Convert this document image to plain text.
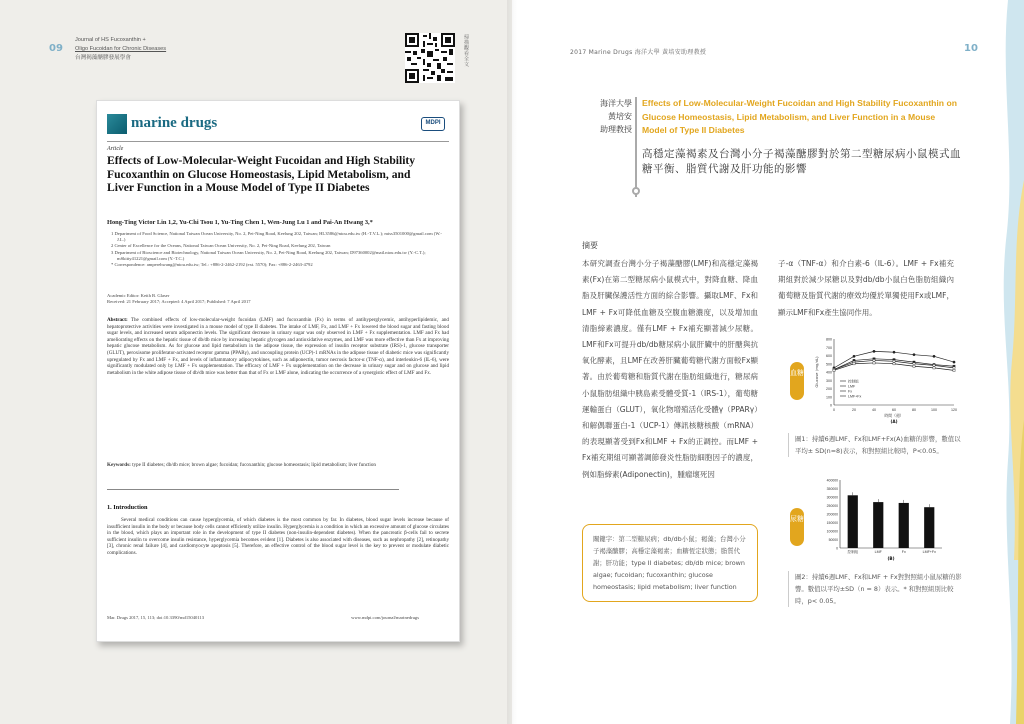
09
Journal of HS Fucoxanthin +
Oligo Fucoidan for Chronic Diseases
台灣褐藻醣膠發展學會	掃描觀看全文
marine drugs	MDPI
Article
Effects of Low-Molecular-Weight Fucoidan and High Stability Fucoxanthin on Glucose Homeostasis, Lipid Metabolism, and Liver Function in a Mouse Model of Type II Diabetes
Hong-Ting Victor Lin 1,2, Yu-Chi Tsou 1, Yu-Ting Chen 1, Wen-Jung Lu 1 and Pai-An Hwang 3,*
1 Department of Food Science, National Taiwan Ocean University, No. 2, Pei-Ning Road, Keelung 202, Taiwan; HL3586@ntou.edu.tw (H.-T.V.L.); miss3501000@gmail.com (W.-J.L.)
2 Center of Excellence for the Oceans, National Taiwan Ocean University, No. 2, Pei-Ning Road, Keelung 202, Taiwan
3 Department of Bioscience and Biotechnology, National Taiwan Ocean University, No. 2, Pei-Ning Road, Keelung 202, Taiwan; D97360002@mail.ntou.edu.tw (Y.-C.T.); mSkitty41221@gmail.com (Y.-T.C.)
* Correspondence: amperehwang@ntou.edu.tw; Tel.: +886-2-2462-2192 (ext. 5570); Fax: +886-2-2463-4792
Academic Editor: Keith B. Glaser
Received: 21 February 2017; Accepted: 4 April 2017; Published: 7 April 2017
Abstract: The combined effects of low-molecular-weight fucoidan (LMF) and fucoxanthin (Fx) in terms of antihyperglycemic, antihyperlipidemic, and hepatoprotective activities were investigated in a mouse model of type II diabetes. The intake of LMF, Fx, and LMF + Fx lowered the blood sugar and fasting blood sugar levels, and increased serum adiponectin levels. The significant decrease in urinary sugar was only observed in LMF + Fx supplementation. LMF and Fx had ameliorating effects on the hepatic tissue of db/db mice by increasing hepatic glycogen and antioxidative enzymes, and LMF was more effective than Fx at improving hepatic glucose metabolism. As for glucose and lipid metabolism in the adipose tissue, the expression of insulin receptor substrate (IRS)-1, glucose transporter (GLUT), peroxisome proliferator-activated receptor gamma (PPARγ), and uncoupling protein (UCP)-1 mRNAs in the adipose tissue of diabetic mice was significantly upregulated by Fx and LMF + Fx, and levels of inflammatory adipocytokines, such as adiponectin, tumor necrosis factor-α (TNF-α), and interleukin-6 (IL-6), were significantly modulated only by LMF + Fx supplementation. The efficacy of LMF + Fx supplementation on the decrease in urinary sugar and on glucose and lipid metabolism in the white adipose tissue of db/db mice was better than that of Fx or LMF alone, indicating the occurrence of a synergistic effect of LMF and Fx.
Keywords: type II diabetes; db/db mice; brown algae; fucoidan; fucoxanthin; glucose homeostasis; lipid metabolism; liver function
1. Introduction
Several medical conditions can cause hyperglycemia, of which diabetes is the most common by far. In diabetes, blood sugar levels increase because of insufficient insulin in the body or because body cells cannot efficiently utilize insulin. Hyperglycemia is a condition in which an excessive amount of glucose circulates in the blood, which plays an important role in the development of type II diabetes (non-insulin-dependent diabetes). When the pancreatic β-cells fail to secrete sufficient insulin to overcome insulin resistance, hyperglycemia becomes evident [1]. Diabetes is also associated with diseases, such as nephropathy [2], retinopathy [3], chronic renal failure [4], and cardiomyocyte apoptosis [5]. Therefore, an effective control of the blood sugar level is the key to prevent or modulate diabetic complications.
Mar. Drugs 2017, 15, 113; doi:10.3390/md15040113	www.mdpi.com/journal/marinedrugs
2017 Marine Drugs 海洋大學 黃培安助理教授	10
海洋大學
黃培安
助理教授
Effects of Low-Molecular-Weight Fucoidan and High Stability Fucoxanthin on Glucose Homeostasis, Lipid Metabolism, and Liver Function in a Mouse Model of Type II Diabetes
高穩定藻褐素及台灣小分子褐藻醣膠對於第二型糖尿病小鼠模式血糖平衡、脂質代謝及肝功能的影響
摘要
本研究調查台灣小分子褐藻醣膠(LMF)和高穩定藻褐素(Fx)在第二型糖尿病小鼠模式中，對降血糖、降血脂及肝臟保護活性方面的綜合影響。攝取LMF、Fx和LMF + Fx可降低血糖及空腹血糖濃度，以及增加血清脂締素濃度。僅有LMF + Fx補充顯著減少尿糖。LMF和Fx可提升db/db糖尿病小鼠肝臟中的肝醣與抗氧化酵素，且LMF在改善肝臟葡萄糖代謝方面較Fx顯著。由於葡萄糖和脂質代謝在脂肪組織進行，糖尿病小鼠脂肪組織中胰島素受體受質-1（IRS-1），葡萄糖運輸蛋白（GLUT），氧化物增殖活化受體γ（PPARγ）和解偶聯蛋白-1（UCP-1）傳訊核糖核酸（mRNA）的表現顯著受到Fx和LMF + Fx的正調控。而LMF + Fx補充期組可顯著調節發炎性脂肪細胞因子的濃度，例如脂締素(Adiponectin)，腫瘤壞死因
子-α（TNF-α）和介白素-6（IL-6）。LMF + Fx補充期組對於減少尿糖以及對db/db小鼠白色脂肪組織內葡萄糖及脂質代謝的療效均優於單獨使用Fx或LMF，顯示LMF和Fx產生協同作用。
關鍵字：第二型糖尿病；db/db小鼠；褐藻；台灣小分子褐藻醣膠；高穩定藻褐素；血糖恆定狀態；脂質代謝；肝功能；type II diabetes; db/db mice; brown algae; fucoidan; fucoxanthin; glucose homeostasis; lipid metabolism; liver function
血糖
尿糖
0
100
200
300
400
500
600
700
800
0	20	40	60	80	100	120
控制組
LMF
Fx
LMF+Fx
時間（週）
Glucose (mg/dL)
(A)
圖1：持續6週LMF、Fx和LMF+Fx(A)血糖的影響，數值以平均± SD(n=8)表示，和對照組比較時，P<0.05。
0
50000
100000
150000
200000
250000
300000
350000
400000
控制組	LMF	Fx	LMF+Fx
(B)
圖2：持續6週LMF、Fx和LMF + Fx對對照組小鼠尿糖的影響。數值以平均±SD（n = 8）表示。* 和對照組別比較時，p< 0.05。
